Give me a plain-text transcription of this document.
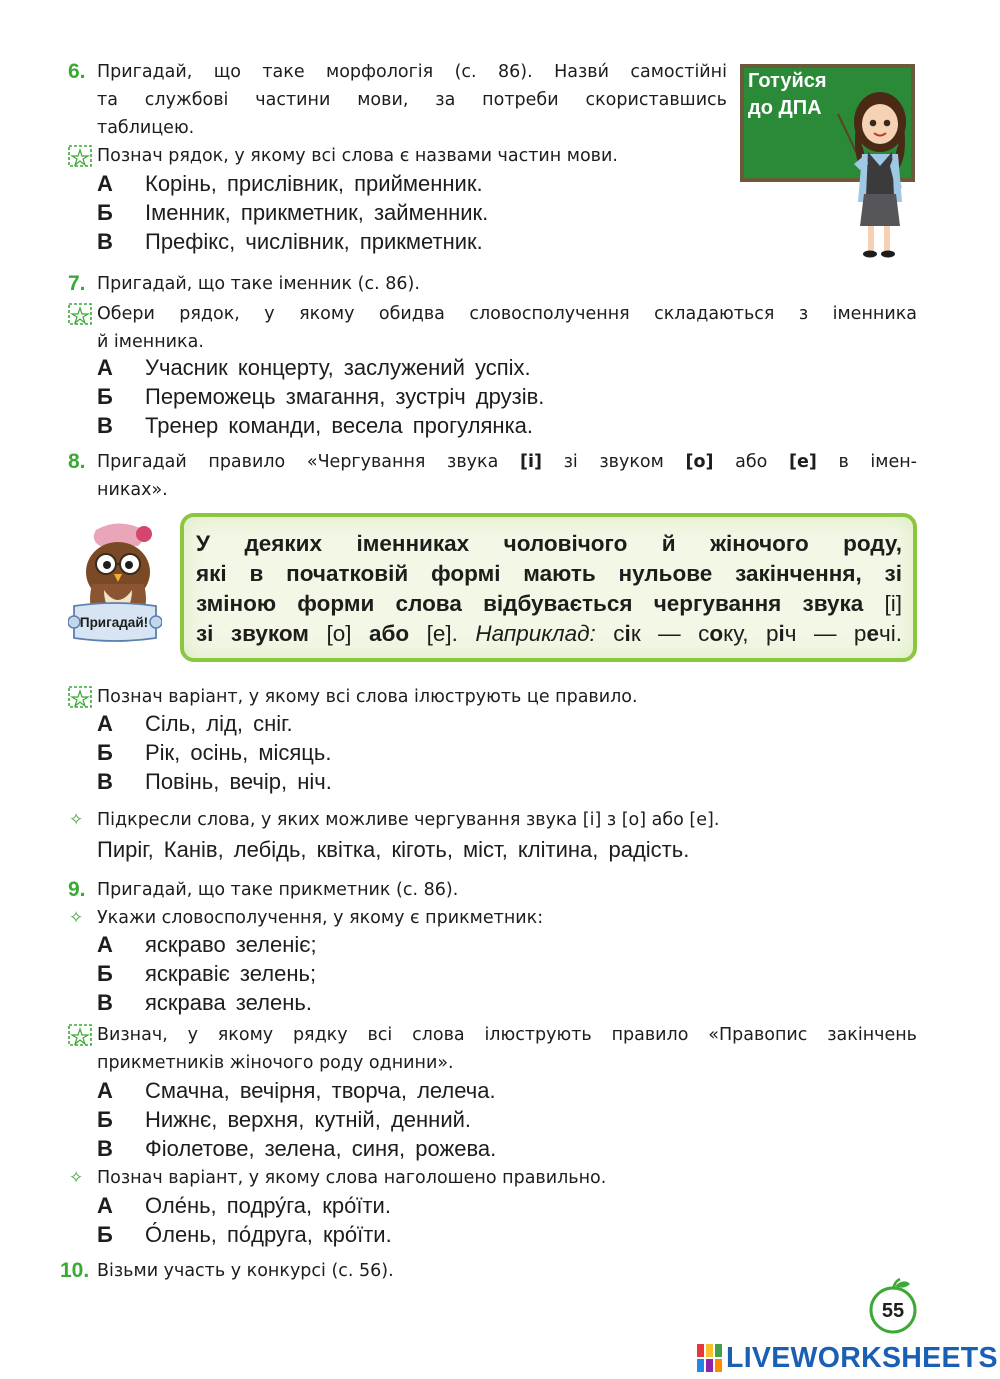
6. Пригадай, що таке морфологія (с. 86). Назви́ самостійні
та службові частини мови, за потреби скориставшись
таблицею.
Познач рядок, у якому всі слова є назвами частин мови.
А Корінь, прислівник, прийменник.
Б Іменник, прикметник, займенник.
В Префікс, числівник, прикметник.
Готуйся
до ДПА
7. Пригадай, що таке іменник (с. 86).
Обери рядок, у якому обидва словосполучення складаються з іменника
й іменника.
А Учасник концерту, заслужений успіх.
Б Переможець змагання, зустріч друзів.
В Тренер команди, весела прогулянка.
8. Пригадай правило «Чергування звука [і] зі звуком [о] або [е] в імен-
никах».
Пригадай!
У деяких іменниках чоловічого й жіночого роду,
які в початковій формі мають нульове закінчення, зі
зміною форми слова відбувається чергування звука [і]
зі звуком [о] або [е]. Наприклад: сік — соку, річ — речі.
Познач варіант, у якому всі слова ілюструють це правило.
А Сіль, лід, сніг.
Б Рік, осінь, місяць.
В Повінь, вечір, ніч.
✧ Підкресли слова, у яких можливе чергування звука [і] з [о] або [е].
Пиріг, Канів, лебідь, квітка, кіготь, міст, клітина, радість.
9. Пригадай, що таке прикметник (с. 86).
✧ Укажи словосполучення, у якому є прикметник:
А яскраво зеленіє;
Б яскравіє зелень;
В яскрава зелень.
Визнач, у якому рядку всі слова ілюструють правило «Правопис закінчень
прикметників жіночого роду однини».
А Смачна, вечірня, творча, лелеча.
Б Нижнє, верхня, кутній, денний.
В Фіолетове, зелена, синя, рожева.
✧ Познач варіант, у якому слова наголошено правильно.
А Оле́нь, подру́га, кро́їти.
Б О́лень, по́друга, кро́їти.
10. Візьми участь у конкурсі (с. 56).
55
LIVEWORKSHEETS
